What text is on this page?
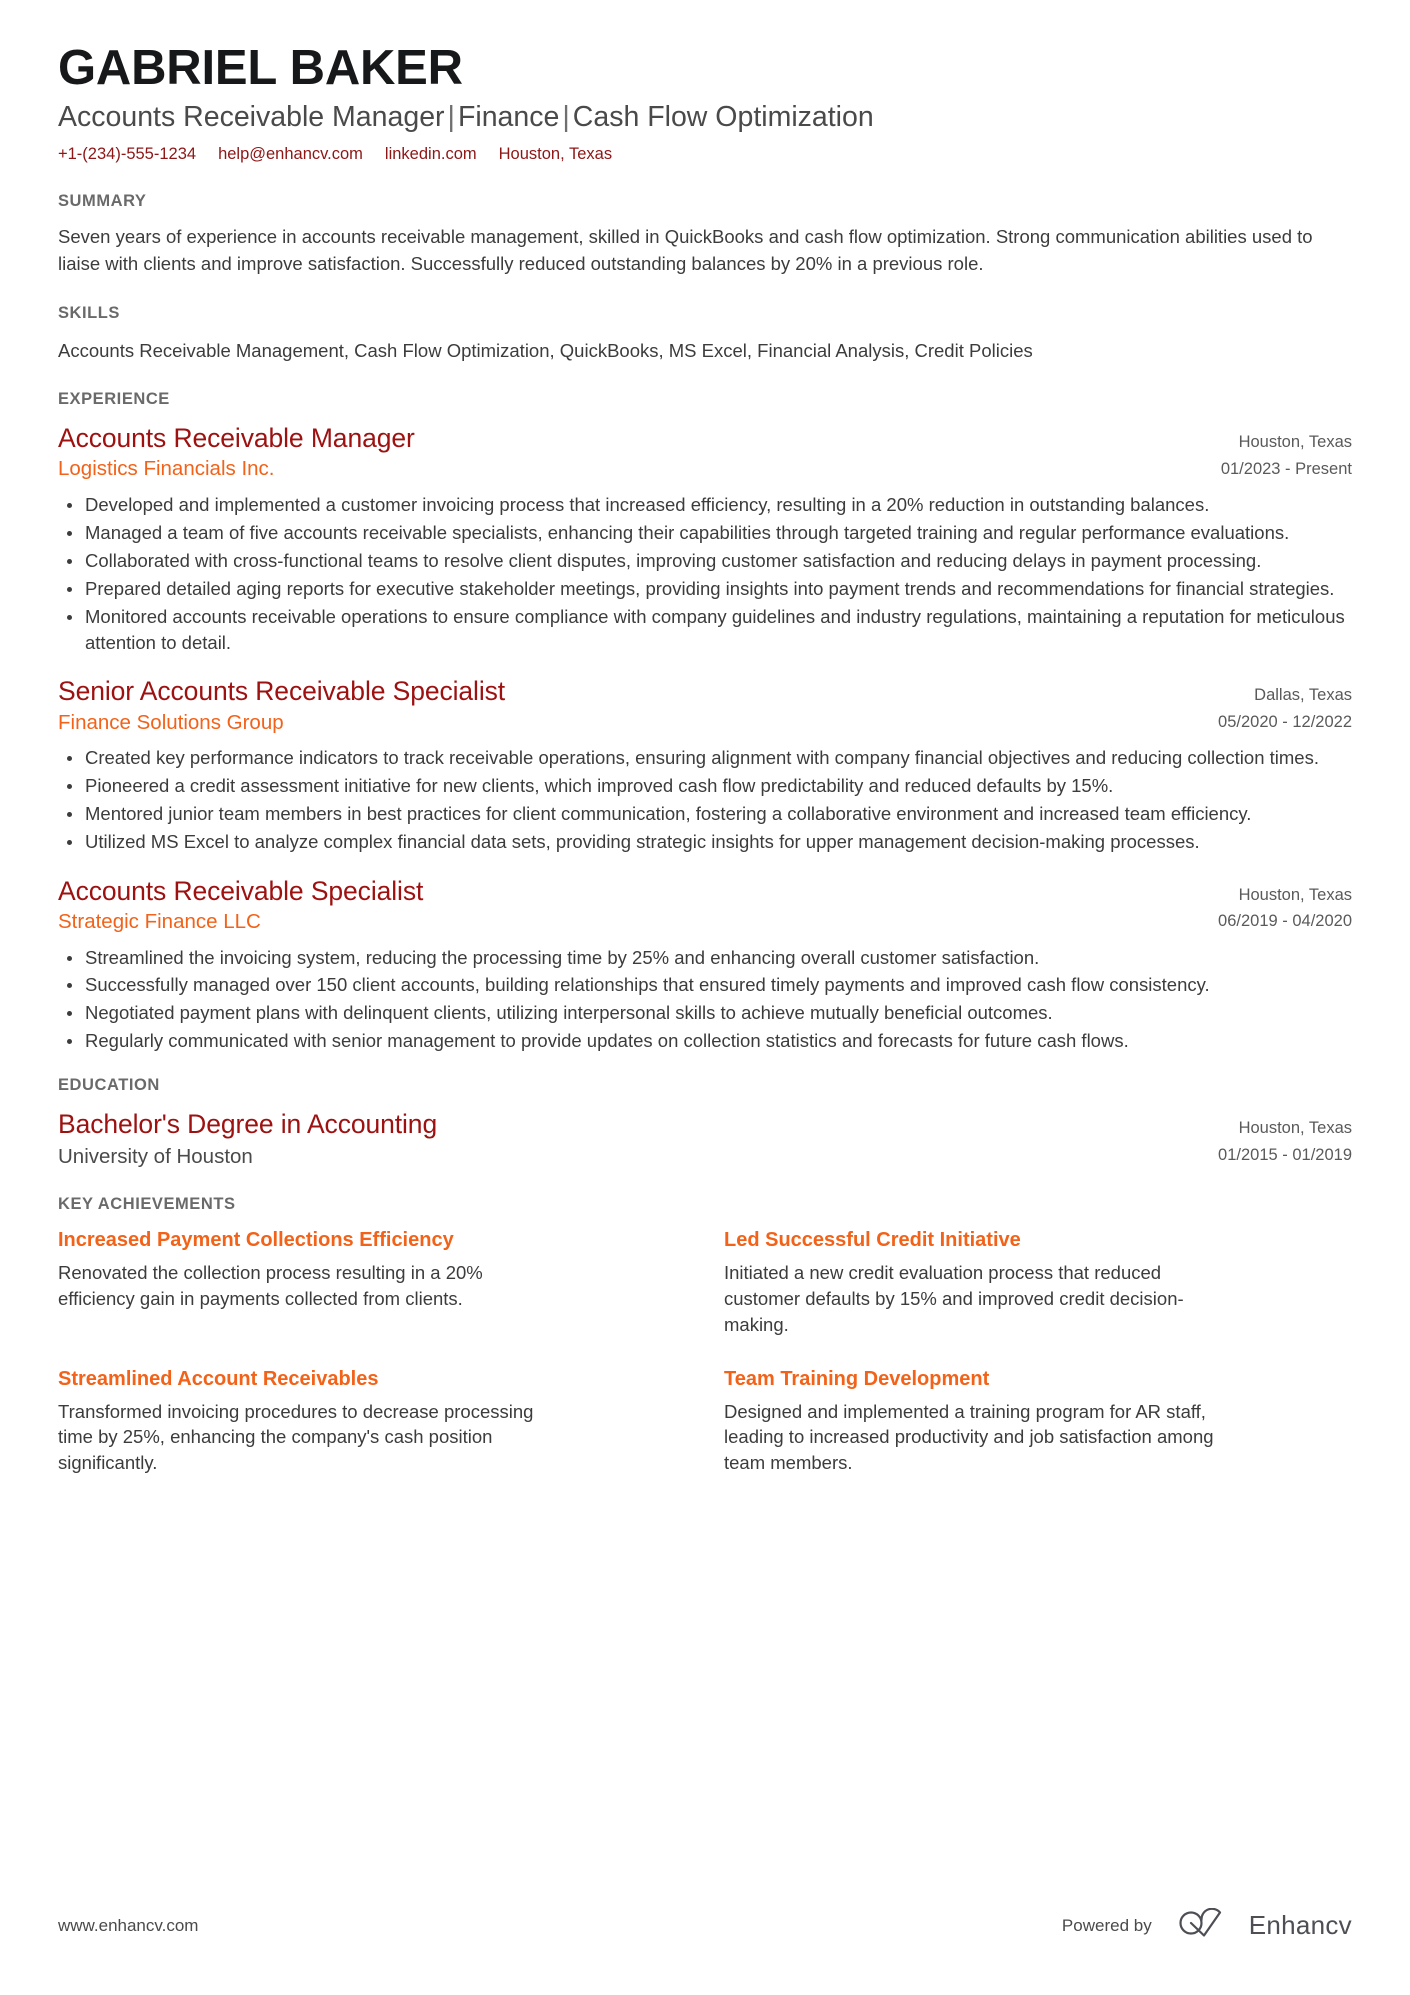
GABRIEL BAKER
Accounts Receivable Manager | Finance | Cash Flow Optimization
+1-(234)-555-1234 help@enhancv.com linkedin.com Houston, Texas
SUMMARY
Seven years of experience in accounts receivable management, skilled in QuickBooks and cash flow optimization. Strong communication abilities used to liaise with clients and improve satisfaction. Successfully reduced outstanding balances by 20% in a previous role.
SKILLS
Accounts Receivable Management, Cash Flow Optimization, QuickBooks, MS Excel, Financial Analysis, Credit Policies
EXPERIENCE
Accounts Receivable Manager
Logistics Financials Inc.
Houston, Texas
01/2023 - Present
Developed and implemented a customer invoicing process that increased efficiency, resulting in a 20% reduction in outstanding balances.
Managed a team of five accounts receivable specialists, enhancing their capabilities through targeted training and regular performance evaluations.
Collaborated with cross-functional teams to resolve client disputes, improving customer satisfaction and reducing delays in payment processing.
Prepared detailed aging reports for executive stakeholder meetings, providing insights into payment trends and recommendations for financial strategies.
Monitored accounts receivable operations to ensure compliance with company guidelines and industry regulations, maintaining a reputation for meticulous attention to detail.
Senior Accounts Receivable Specialist
Finance Solutions Group
Dallas, Texas
05/2020 - 12/2022
Created key performance indicators to track receivable operations, ensuring alignment with company financial objectives and reducing collection times.
Pioneered a credit assessment initiative for new clients, which improved cash flow predictability and reduced defaults by 15%.
Mentored junior team members in best practices for client communication, fostering a collaborative environment and increased team efficiency.
Utilized MS Excel to analyze complex financial data sets, providing strategic insights for upper management decision-making processes.
Accounts Receivable Specialist
Strategic Finance LLC
Houston, Texas
06/2019 - 04/2020
Streamlined the invoicing system, reducing the processing time by 25% and enhancing overall customer satisfaction.
Successfully managed over 150 client accounts, building relationships that ensured timely payments and improved cash flow consistency.
Negotiated payment plans with delinquent clients, utilizing interpersonal skills to achieve mutually beneficial outcomes.
Regularly communicated with senior management to provide updates on collection statistics and forecasts for future cash flows.
EDUCATION
Bachelor's Degree in Accounting
University of Houston
Houston, Texas
01/2015 - 01/2019
KEY ACHIEVEMENTS
Increased Payment Collections Efficiency
Renovated the collection process resulting in a 20% efficiency gain in payments collected from clients.
Led Successful Credit Initiative
Initiated a new credit evaluation process that reduced customer defaults by 15% and improved credit decision-making.
Streamlined Account Receivables
Transformed invoicing procedures to decrease processing time by 25%, enhancing the company's cash position significantly.
Team Training Development
Designed and implemented a training program for AR staff, leading to increased productivity and job satisfaction among team members.
www.enhancv.com	Powered by	Enhancv
